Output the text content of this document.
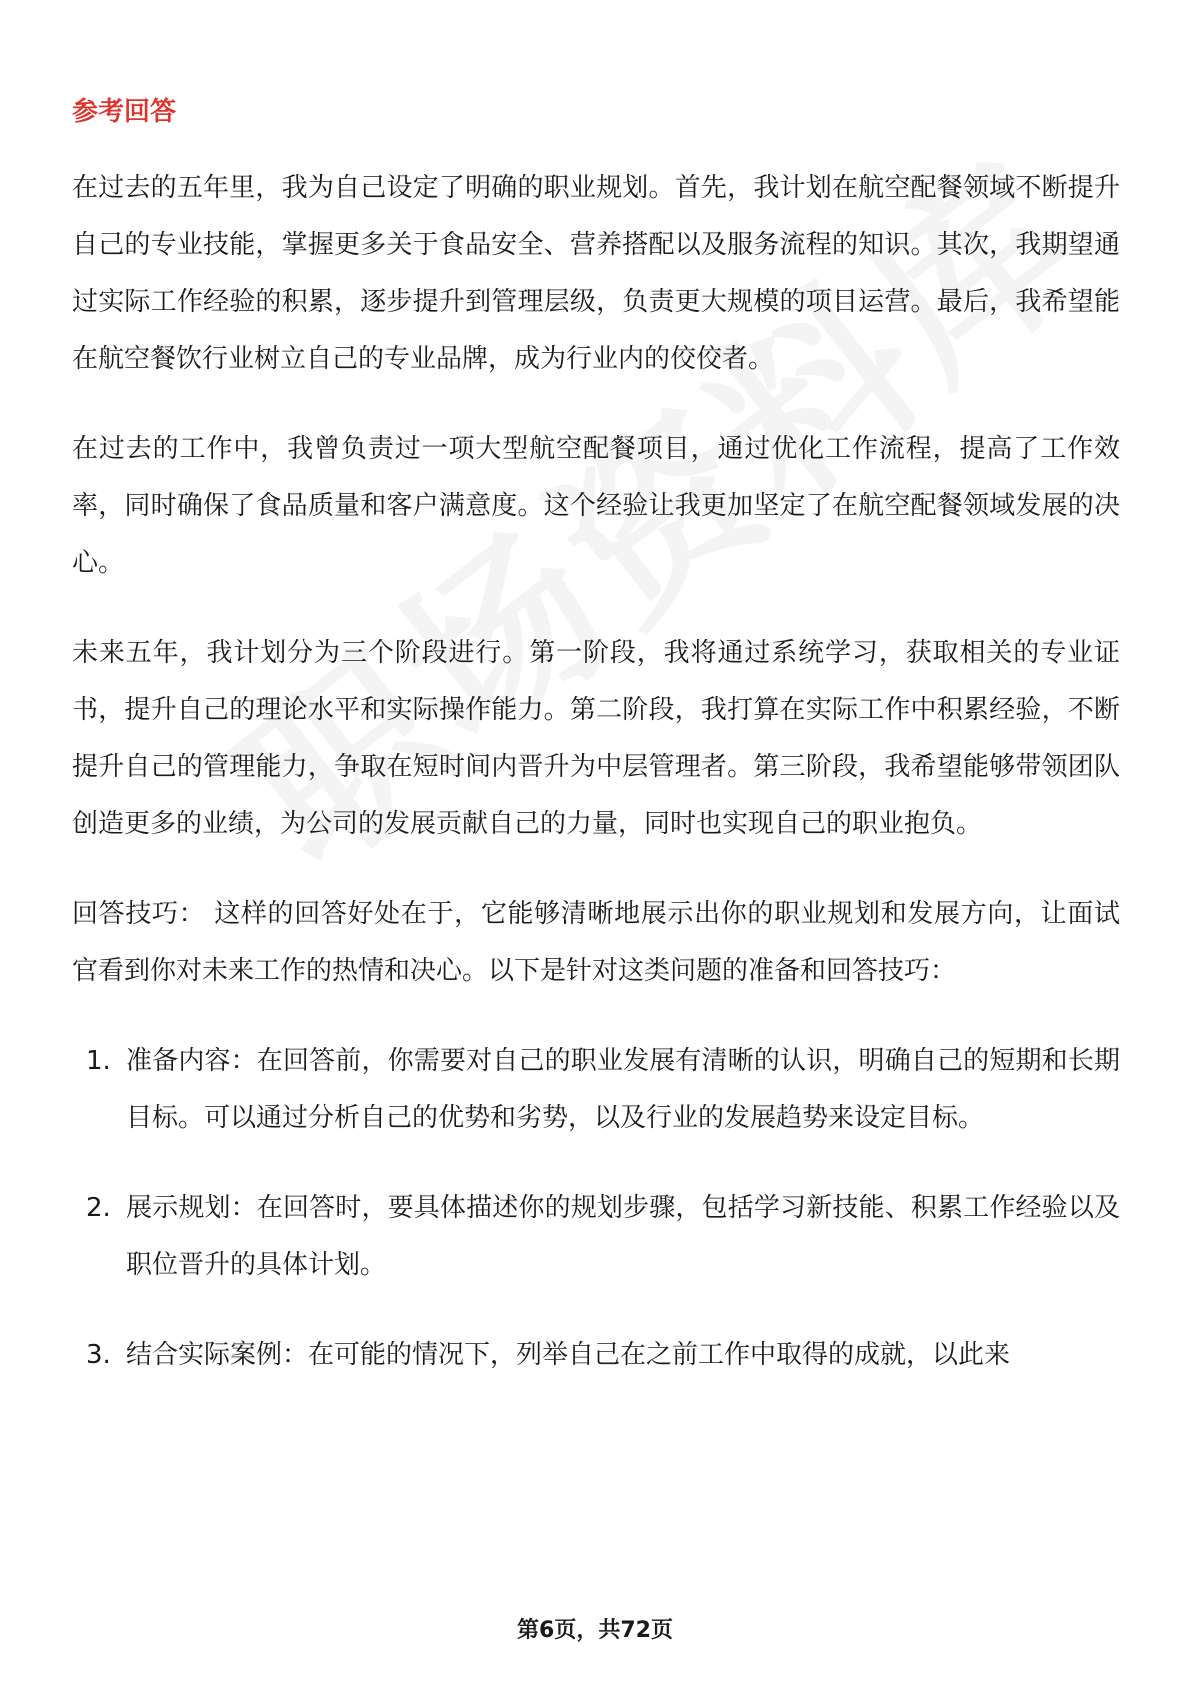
参考回答

在过去的五年里，我为自己设定了明确的职业规划。首先，我计划在航空配餐领域不断提升自己的专业技能，掌握更多关于食品安全、营养搭配以及服务流程的知识。其次，我期望通过实际工作经验的积累，逐步提升到管理层级，负责更大规模的项目运营。最后，我希望能在航空餐饮行业树立自己的专业品牌，成为行业内的佼佼者。

在过去的工作中，我曾负责过一项大型航空配餐项目，通过优化工作流程，提高了工作效率，同时确保了食品质量和客户满意度。这个经验让我更加坚定了在航空配餐领域发展的决心。

未来五年，我计划分为三个阶段进行。第一阶段，我将通过系统学习，获取相关的专业证书，提升自己的理论水平和实际操作能力。第二阶段，我打算在实际工作中积累经验，不断提升自己的管理能力，争取在短时间内晋升为中层管理者。第三阶段，我希望能够带领团队创造更多的业绩，为公司的发展贡献自己的力量，同时也实现自己的职业抱负。

回答技巧： 这样的回答好处在于，它能够清晰地展示出你的职业规划和发展方向，让面试官看到你对未来工作的热情和决心。以下是针对这类问题的准备和回答技巧：

1. 准备内容：在回答前，你需要对自己的职业发展有清晰的认识，明确自己的短期和长期目标。可以通过分析自己的优势和劣势，以及行业的发展趋势来设定目标。
2. 展示规划：在回答时，要具体描述你的规划步骤，包括学习新技能、积累工作经验以及职位晋升的具体计划。
3. 结合实际案例：在可能的情况下，列举自己在之前工作中取得的成就，以此来
第6页，共72页
